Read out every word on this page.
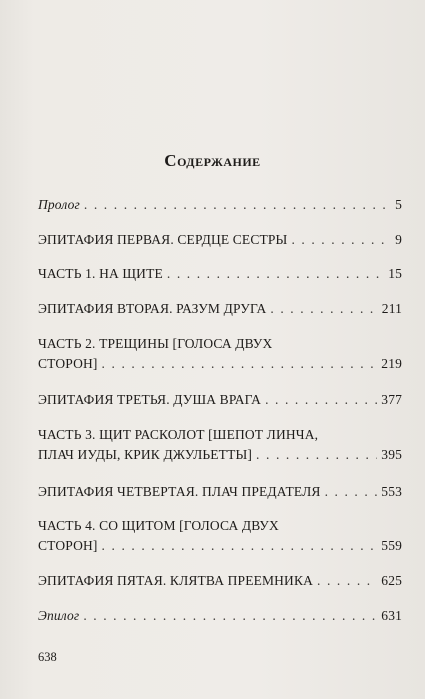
Содержание
Пролог . . .	5
ЭПИТАФИЯ ПЕРВАЯ. СЕРДЦЕ СЕСТРЫ . . .	9
ЧАСТЬ 1. НА ЩИТЕ . . .	15
ЭПИТАФИЯ ВТОРАЯ. РАЗУМ ДРУГА . . .	211
ЧАСТЬ 2. ТРЕЩИНЫ [ГОЛОСА ДВУХ
СТОРОН] . . .	219
ЭПИТАФИЯ ТРЕТЬЯ. ДУША ВРАГА . . .	377
ЧАСТЬ 3. ЩИТ РАСКОЛОТ [ШЕПОТ ЛИНЧА,
ПЛАЧ ИУДЫ, КРИК ДЖУЛЬЕТТЫ] . . .	395
ЭПИТАФИЯ ЧЕТВЕРТАЯ. ПЛАЧ ПРЕДАТЕЛЯ . . .	553
ЧАСТЬ 4. СО ЩИТОМ [ГОЛОСА ДВУХ
СТОРОН] . . .	559
ЭПИТАФИЯ ПЯТАЯ. КЛЯТВА ПРЕЕМНИКА . . .	625
Эпилог . . .	631
638
